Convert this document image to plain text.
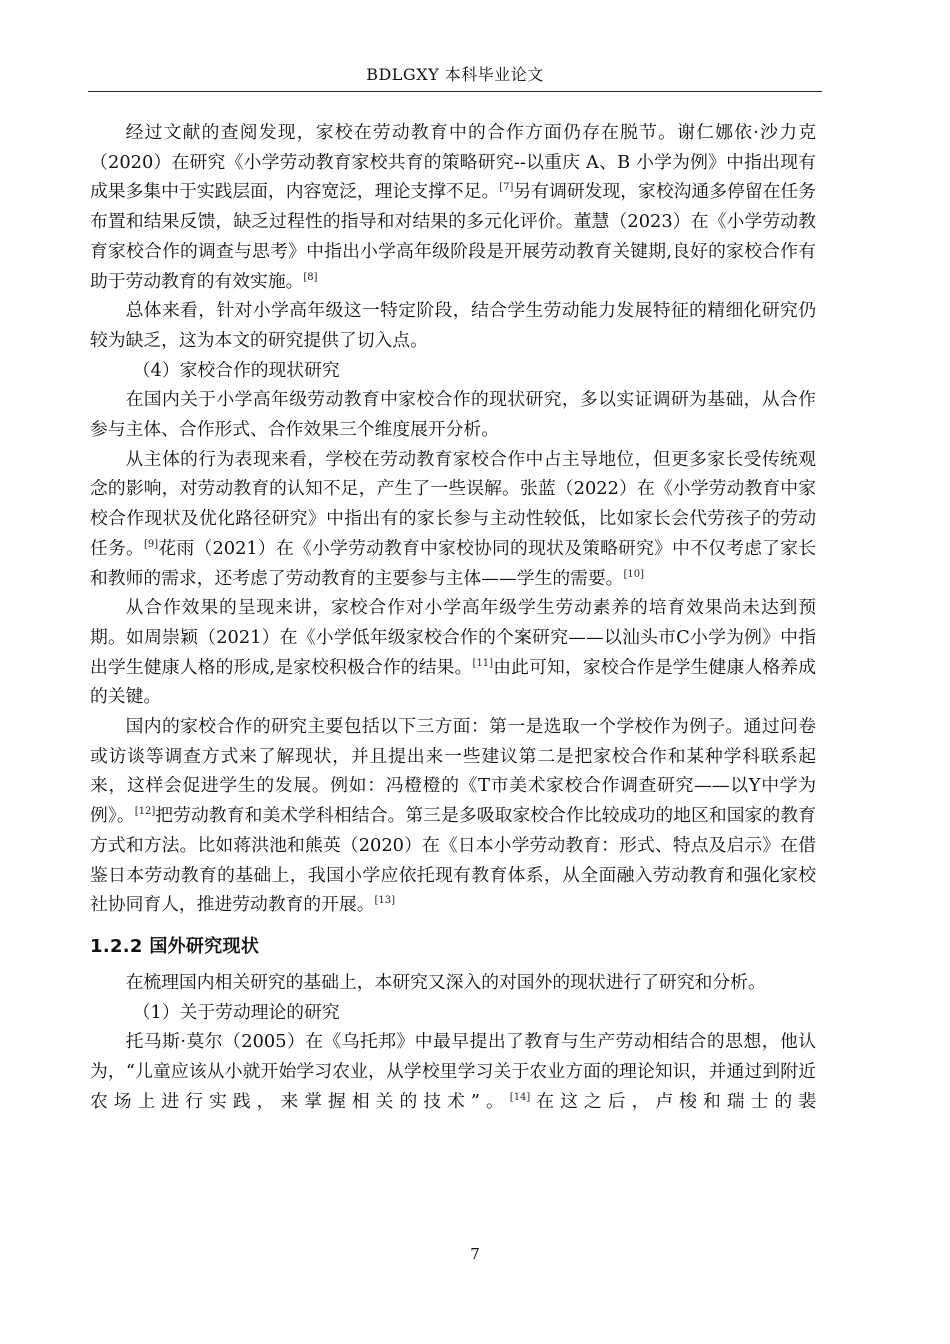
BDLGXY 本科毕业论文

经过文献的查阅发现，家校在劳动教育中的合作方面仍存在脱节。谢仁娜依·沙力克（2020）在研究《小学劳动教育家校共育的策略研究--以重庆 A、B 小学为例》中指出现有成果多集中于实践层面，内容宽泛，理论支撑不足。[7]另有调研发现，家校沟通多停留在任务布置和结果反馈，缺乏过程性的指导和对结果的多元化评价。董慧（2023）在《小学劳动教育家校合作的调查与思考》中指出小学高年级阶段是开展劳动教育关键期,良好的家校合作有助于劳动教育的有效实施。[8]

总体来看，针对小学高年级这一特定阶段，结合学生劳动能力发展特征的精细化研究仍较为缺乏，这为本文的研究提供了切入点。

（4）家校合作的现状研究

在国内关于小学高年级劳动教育中家校合作的现状研究，多以实证调研为基础，从合作参与主体、合作形式、合作效果三个维度展开分析。

从主体的行为表现来看，学校在劳动教育家校合作中占主导地位，但更多家长受传统观念的影响，对劳动教育的认知不足，产生了一些误解。张蓝（2022）在《小学劳动教育中家校合作现状及优化路径研究》中指出有的家长参与主动性较低，比如家长会代劳孩子的劳动任务。[9]花雨（2021）在《小学劳动教育中家校协同的现状及策略研究》中不仅考虑了家长和教师的需求，还考虑了劳动教育的主要参与主体——学生的需要。[10]

从合作效果的呈现来讲，家校合作对小学高年级学生劳动素养的培育效果尚未达到预期。如周崇颖（2021）在《小学低年级家校合作的个案研究——以汕头市C小学为例》中指出学生健康人格的形成,是家校积极合作的结果。[11]由此可知，家校合作是学生健康人格养成的关键。

国内的家校合作的研究主要包括以下三方面：第一是选取一个学校作为例子。通过问卷或访谈等调查方式来了解现状，并且提出来一些建议第二是把家校合作和某种学科联系起来，这样会促进学生的发展。例如：冯橙橙的《T市美术家校合作调查研究——以Y中学为例》。[12]把劳动教育和美术学科相结合。第三是多吸取家校合作比较成功的地区和国家的教育方式和方法。比如蒋洪池和熊英（2020）在《日本小学劳动教育：形式、特点及启示》在借鉴日本劳动教育的基础上，我国小学应依托现有教育体系，从全面融入劳动教育和强化家校社协同育人，推进劳动教育的开展。[13]

1.2.2 国外研究现状

在梳理国内相关研究的基础上，本研究又深入的对国外的现状进行了研究和分析。

（1）关于劳动理论的研究

托马斯·莫尔（2005）在《乌托邦》中最早提出了教育与生产劳动相结合的思想，他认为，“儿童应该从小就开始学习农业，从学校里学习关于农业方面的理论知识，并通过到附近农场上进行实践，来掌握相关的技术”。[14]在这之后，卢梭和瑞士的裴

7
